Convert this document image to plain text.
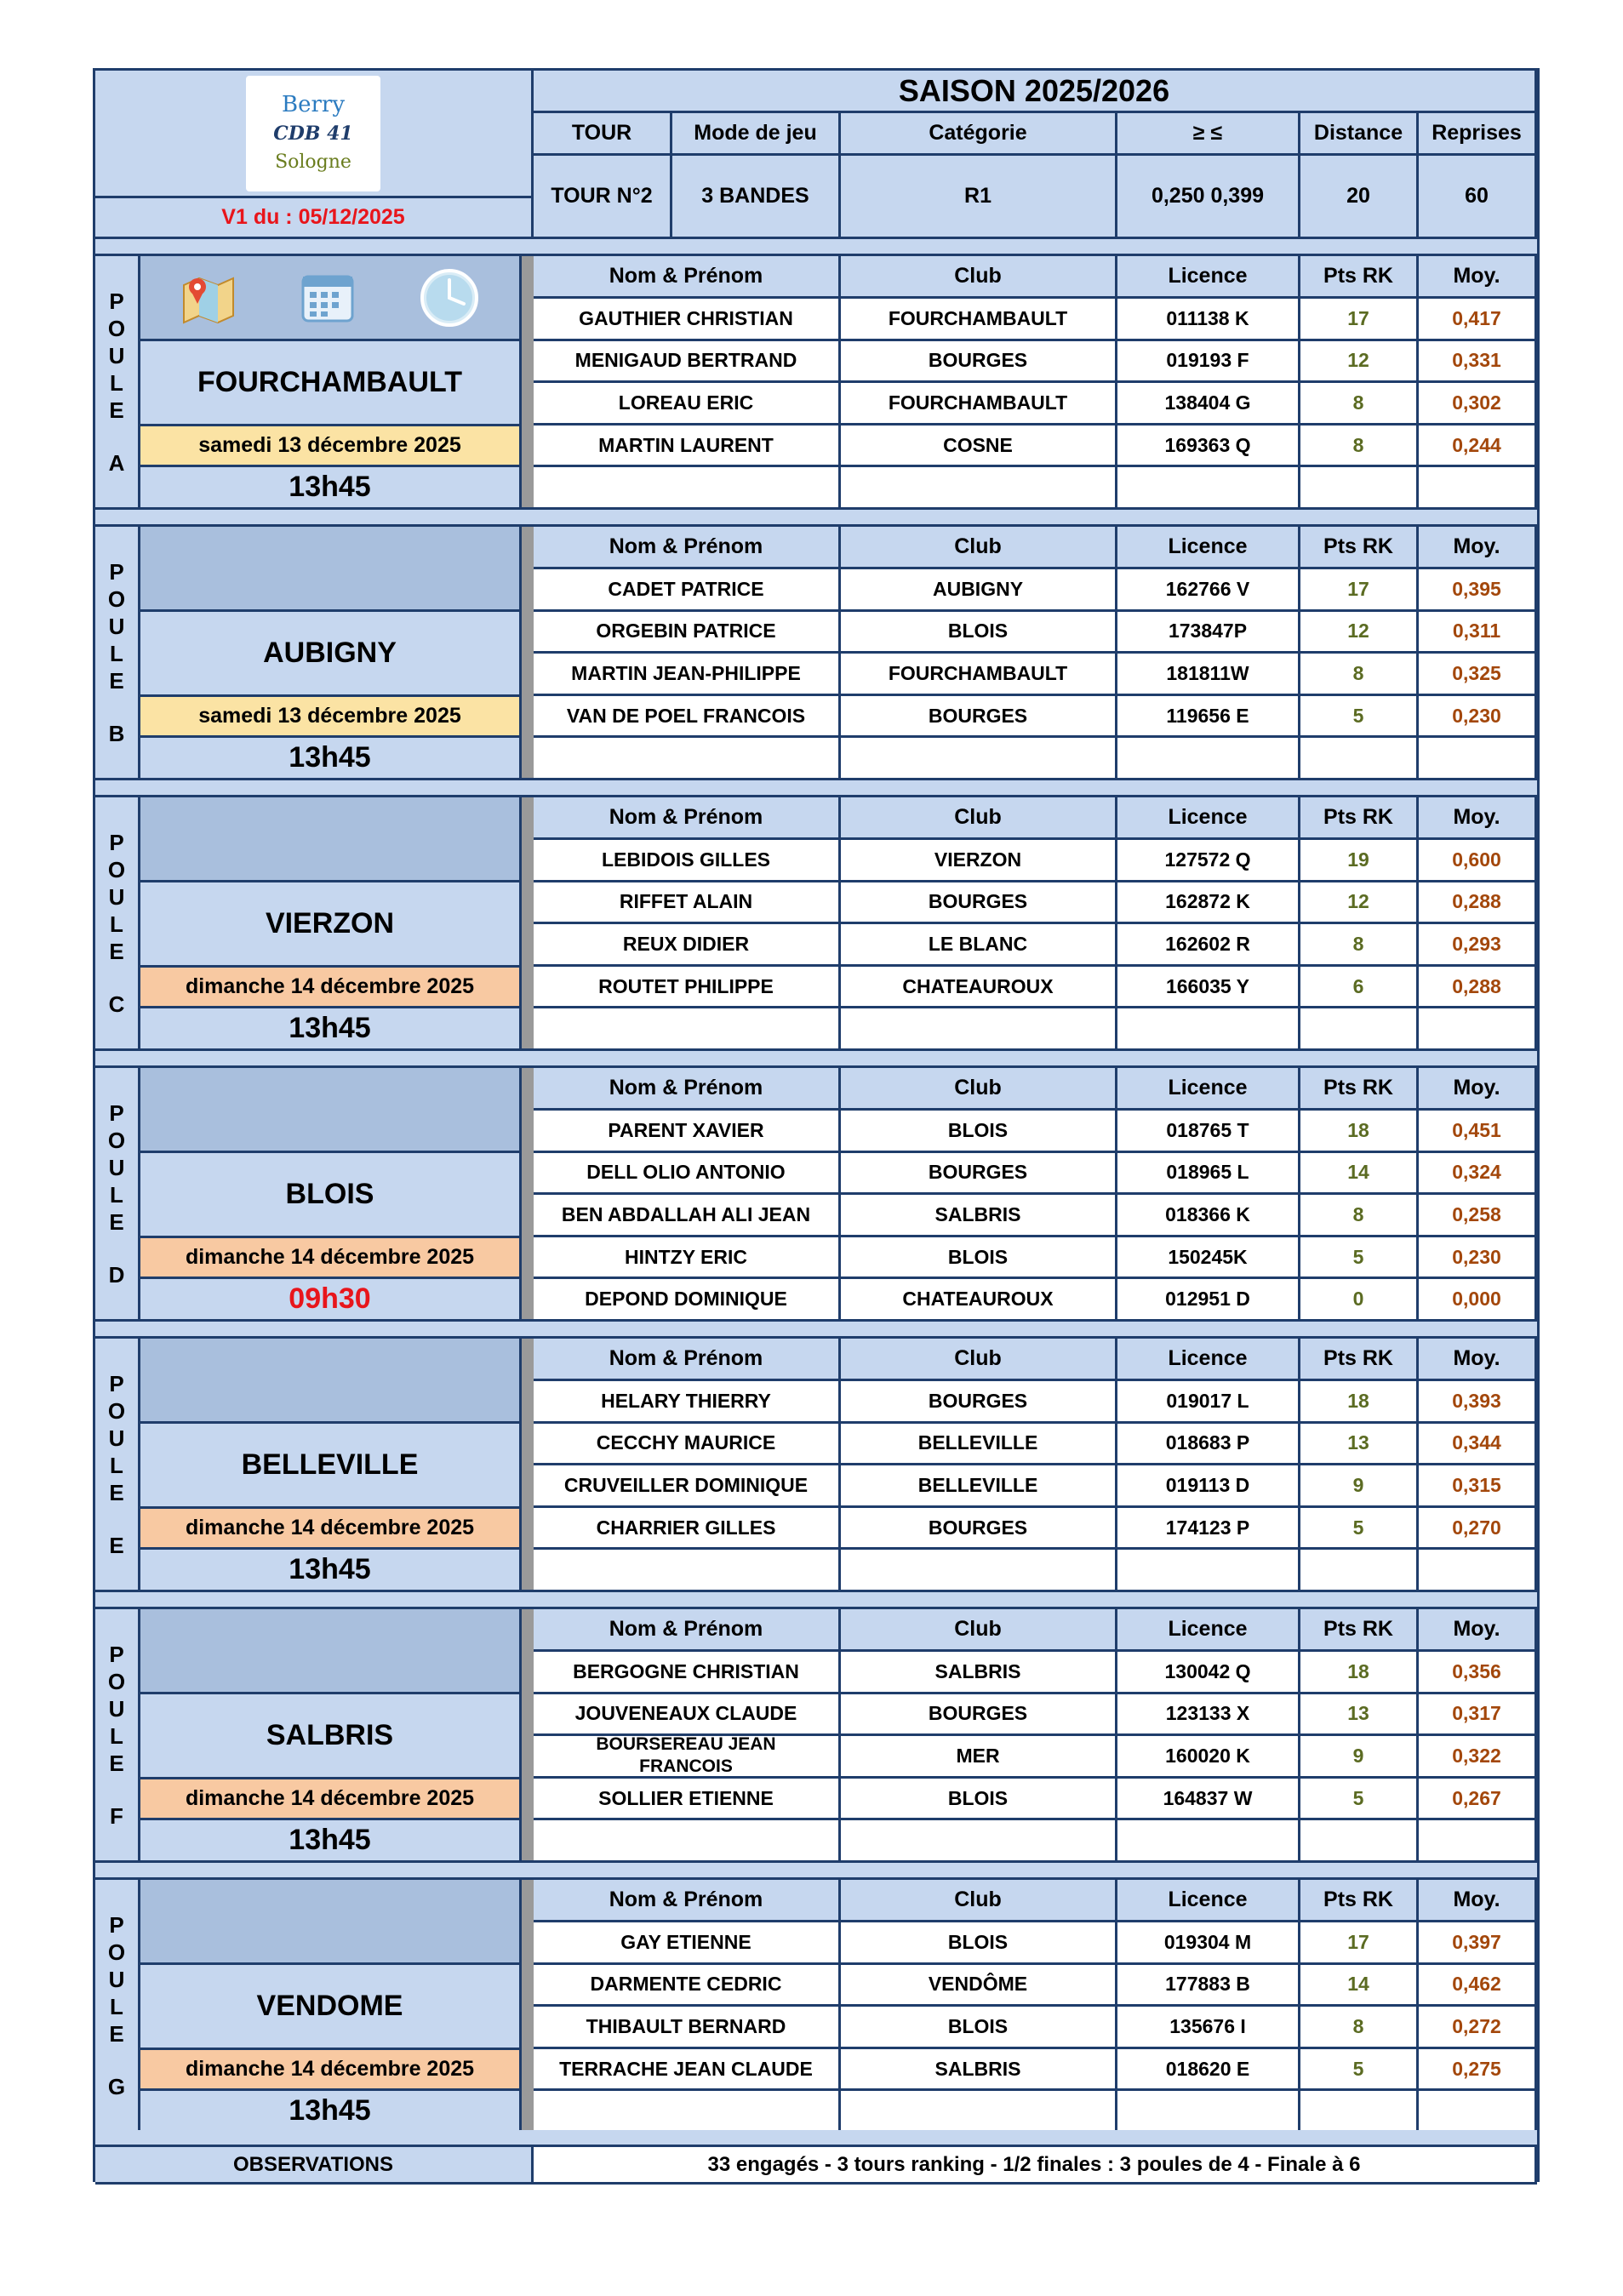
Berry
CDB 41
Sologne
V1 du : 05/12/2025
SAISON 2025/2026
TOUR	Mode de jeu	Catégorie	≥ ≤	Distance	Reprises
TOUR N°2	3 BANDES	R1	0,250 0,399	20	60
P
O
U
L
E
A
FOURCHAMBAULT
samedi 13 décembre 2025
13h45
Nom & Prénom	Club	Licence	Pts RK	Moy.
GAUTHIER CHRISTIAN	FOURCHAMBAULT	011138 K	17	0,417
MENIGAUD BERTRAND	BOURGES	019193 F	12	0,331
LOREAU ERIC	FOURCHAMBAULT	138404 G	8	0,302
MARTIN LAURENT	COSNE	169363 Q	8	0,244
P
O
U
L
E
B
AUBIGNY
samedi 13 décembre 2025
13h45
Nom & Prénom	Club	Licence	Pts RK	Moy.
CADET PATRICE	AUBIGNY	162766 V	17	0,395
ORGEBIN PATRICE	BLOIS	173847P	12	0,311
MARTIN JEAN-PHILIPPE	FOURCHAMBAULT	181811W	8	0,325
VAN DE POEL FRANCOIS	BOURGES	119656 E	5	0,230
P
O
U
L
E
C
VIERZON
dimanche 14 décembre 2025
13h45
Nom & Prénom	Club	Licence	Pts RK	Moy.
LEBIDOIS GILLES	VIERZON	127572 Q	19	0,600
RIFFET ALAIN	BOURGES	162872 K	12	0,288
REUX DIDIER	LE BLANC	162602 R	8	0,293
ROUTET PHILIPPE	CHATEAUROUX	166035 Y	6	0,288
P
O
U
L
E
D
BLOIS
dimanche 14 décembre 2025
09h30
Nom & Prénom	Club	Licence	Pts RK	Moy.
PARENT XAVIER	BLOIS	018765 T	18	0,451
DELL OLIO ANTONIO	BOURGES	018965 L	14	0,324
BEN ABDALLAH ALI JEAN	SALBRIS	018366 K	8	0,258
HINTZY ERIC	BLOIS	150245K	5	0,230
DEPOND DOMINIQUE	CHATEAUROUX	012951 D	0	0,000
P
O
U
L
E
E
BELLEVILLE
dimanche 14 décembre 2025
13h45
Nom & Prénom	Club	Licence	Pts RK	Moy.
HELARY THIERRY	BOURGES	019017 L	18	0,393
CECCHY MAURICE	BELLEVILLE	018683 P	13	0,344
CRUVEILLER DOMINIQUE	BELLEVILLE	019113 D	9	0,315
CHARRIER GILLES	BOURGES	174123 P	5	0,270
P
O
U
L
E
F
SALBRIS
dimanche 14 décembre 2025
13h45
Nom & Prénom	Club	Licence	Pts RK	Moy.
BERGOGNE CHRISTIAN	SALBRIS	130042 Q	18	0,356
JOUVENEAUX CLAUDE	BOURGES	123133 X	13	0,317
BOURSEREAU JEAN FRANCOIS	MER	160020 K	9	0,322
SOLLIER ETIENNE	BLOIS	164837 W	5	0,267
P
O
U
L
E
G
VENDOME
dimanche 14 décembre 2025
13h45
Nom & Prénom	Club	Licence	Pts RK	Moy.
GAY ETIENNE	BLOIS	019304 M	17	0,397
DARMENTE CEDRIC	VENDÔME	177883 B	14	0,462
THIBAULT BERNARD	BLOIS	135676 I	8	0,272
TERRACHE JEAN CLAUDE	SALBRIS	018620 E	5	0,275
OBSERVATIONS	33 engagés - 3 tours ranking - 1/2 finales : 3 poules de 4 - Finale à 6
